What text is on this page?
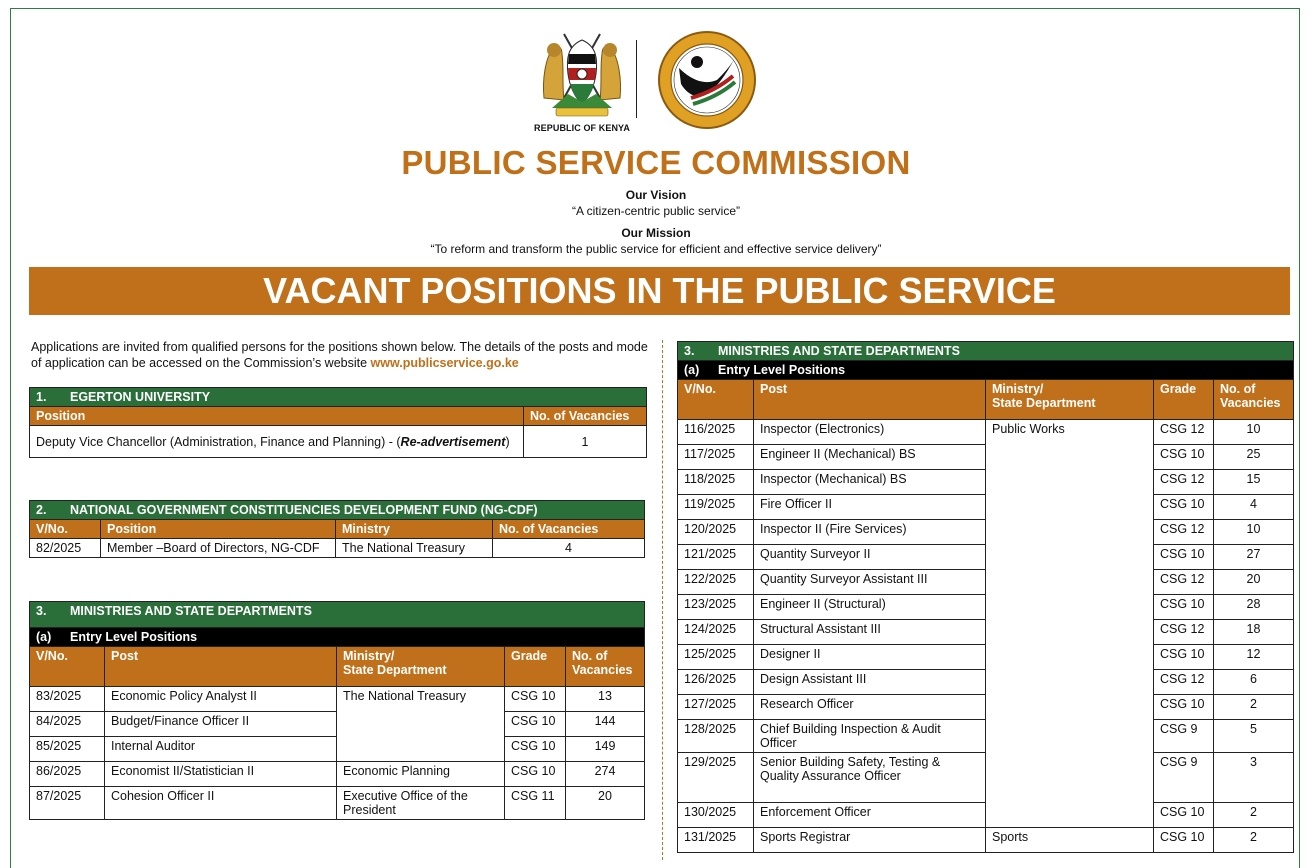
REPUBLIC OF KENYA
PUBLIC SERVICE COMMISSION
Our Vision
“A citizen-centric public service”
Our Mission
“To reform and transform the public service for efficient and effective service delivery”
VACANT POSITIONS IN THE PUBLIC SERVICE
Applications are invited from qualified persons for the positions shown below. The details of the posts and mode of application can be accessed on the Commission’s website www.publicservice.go.ke
1. EGERTON UNIVERSITY	
Position	No. of Vacancies
Deputy Vice Chancellor (Administration, Finance and Planning) - (Re-advertisement)	1
2. NATIONAL GOVERNMENT CONSTITUENCIES DEVELOPMENT FUND (NG-CDF)			
V/No.	Position	Ministry	No. of Vacancies
82/2025	Member –Board of Directors, NG-CDF	The National Treasury	4
3. MINISTRIES AND STATE DEPARTMENTS				
(a) Entry Level Positions				
V/No.	Post	Ministry/
State Department	Grade	No. of
Vacancies
83/2025	Economic Policy Analyst II	The National Treasury	CSG 10	13
84/2025	Budget/Finance Officer II		CSG 10	144
85/2025	Internal Auditor		CSG 10	149
86/2025	Economist II/Statistician II	Economic Planning	CSG 10	274
87/2025	Cohesion Officer II	Executive Office of the President	CSG 11	20
3. MINISTRIES AND STATE DEPARTMENTS				
(a) Entry Level Positions				
V/No.	Post	Ministry/
State Department	Grade	No. of
Vacancies
116/2025	Inspector (Electronics)	Public Works	CSG 12	10
117/2025	Engineer II (Mechanical) BS		CSG 10	25
118/2025	Inspector (Mechanical) BS		CSG 12	15
119/2025	Fire Officer II		CSG 10	4
120/2025	Inspector II (Fire Services)		CSG 12	10
121/2025	Quantity Surveyor II		CSG 10	27
122/2025	Quantity Surveyor Assistant III		CSG 12	20
123/2025	Engineer II (Structural)		CSG 10	28
124/2025	Structural Assistant III		CSG 12	18
125/2025	Designer II		CSG 10	12
126/2025	Design Assistant III		CSG 12	6
127/2025	Research Officer		CSG 10	2
128/2025	Chief Building Inspection & Audit Officer		CSG 9	5
129/2025	Senior Building Safety, Testing & Quality Assurance Officer		CSG 9	3
130/2025	Enforcement Officer		CSG 10	2
131/2025	Sports Registrar	Sports	CSG 10	2
